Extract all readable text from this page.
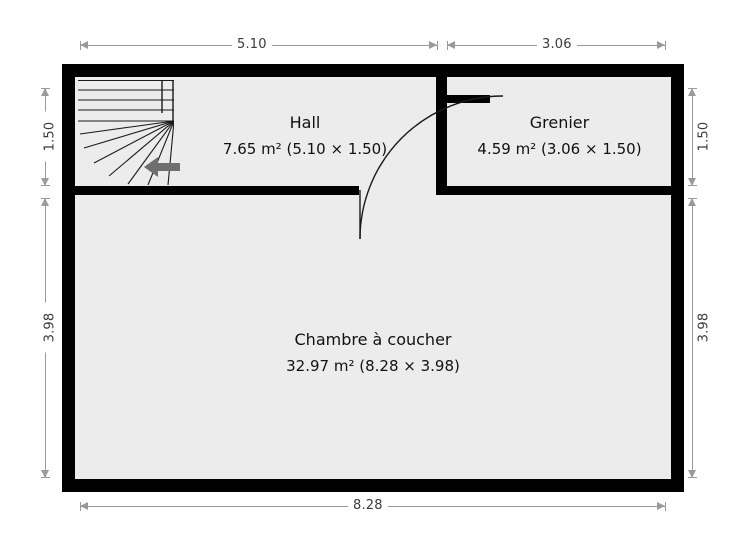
5.10	3.06
1.50
3.98
1.50
3.98
8.28
Hall
7.65 m² (5.10 × 1.50)
Grenier
4.59 m² (3.06 × 1.50)
Chambre à coucher
32.97 m² (8.28 × 3.98)
